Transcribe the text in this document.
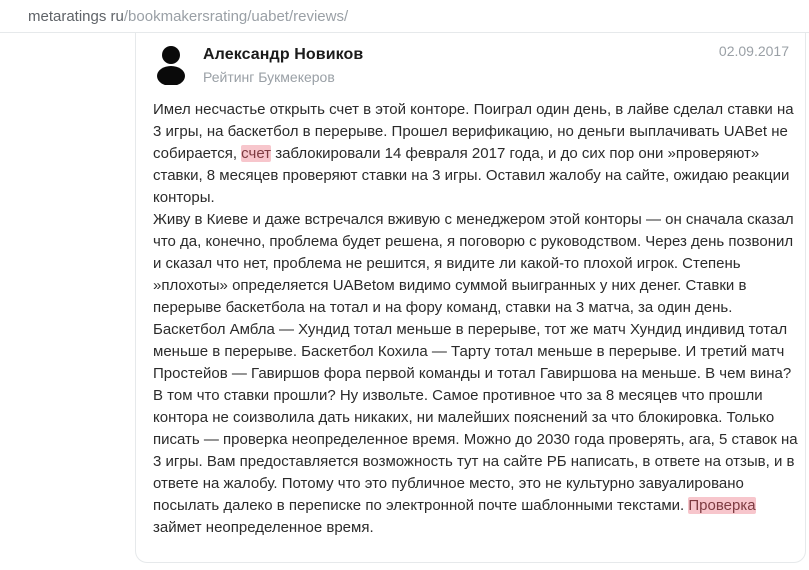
metaratings ru/bookmakersrating/uabet/reviews/
Александр Новиков
Рейтинг Букмекеров
02.09.2017

Имел несчастье открыть счет в этой конторе. Поиграл один день, в лайве сделал ставки на 3 игры, на баскетбол в перерыве. Прошел верификацию, но деньги выплачивать UABet не собирается, счет заблокировали 14 февраля 2017 года, и до сих пор они »проверяют» ставки, 8 месяцев проверяют ставки на 3 игры. Оставил жалобу на сайте, ожидаю реакции конторы.

Живу в Киеве и даже встречался вживую с менеджером этой конторы — он сначала сказал что да, конечно, проблема будет решена, я поговорю с руководством. Через день позвонил и сказал что нет, проблема не решится, я видите ли какой-то плохой игрок. Степень »плохоты» определяется UABetом видимо суммой выигранных у них денег. Ставки в перерыве баскетбола на тотал и на фору команд, ставки на 3 матча, за один день. Баскетбол Амбла — Хундид тотал меньше в перерыве, тот же матч Хундид индивид тотал меньше в перерыве. Баскетбол Кохила — Тарту тотал меньше в перерыве. И третий матч Простейов — Гавиршов фора первой команды и тотал Гавиршова на меньше. В чем вина? В том что ставки прошли? Ну извольте. Самое противное что за 8 месяцев что прошли контора не соизволила дать никаких, ни малейших пояснений за что блокировка. Только писать — проверка неопределенное время. Можно до 2030 года проверять, ага, 5 ставок на 3 игры. Вам предоставляется возможность тут на сайте РБ написать, в ответе на отзыв, и в ответе на жалобу. Потому что это публичное место, это не культурно завуалировано посылать далеко в переписке по электронной почте шаблонными текстами. Проверка займет неопределенное время.
